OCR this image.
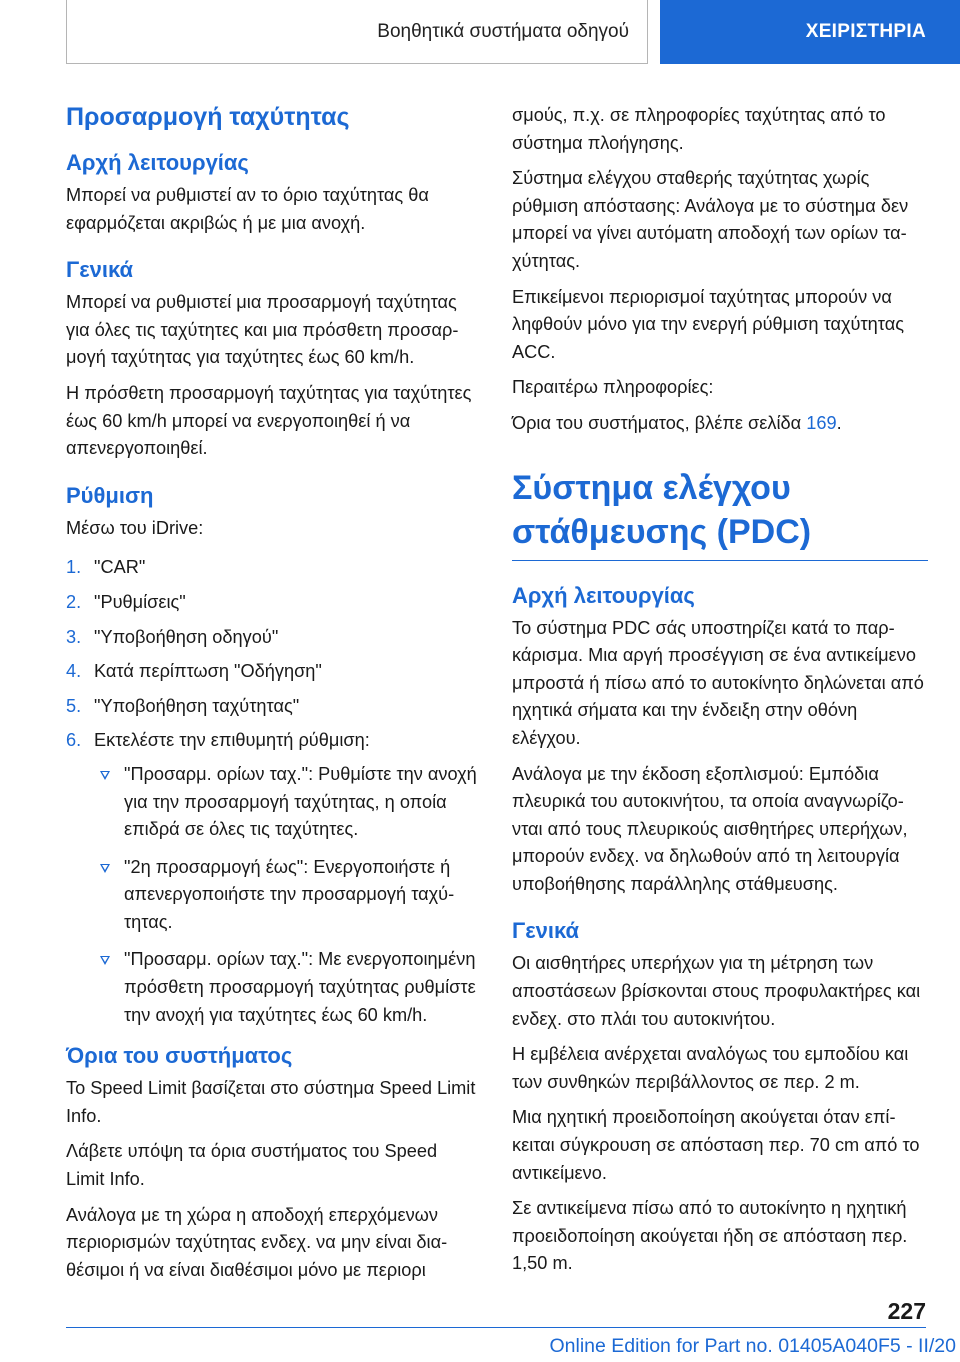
Βοηθητικά συστήματα οδηγού	ΧΕΙΡΙΣΤΗΡΙΑ
Προσαρμογή ταχύτητας
Αρχή λειτουργίας

Μπορεί να ρυθμιστεί αν το όριο ταχύτητας θα εφαρμόζεται ακριβώς ή με μια ανοχή.

Γενικά

Μπορεί να ρυθμιστεί μια προσαρμογή ταχύτητας για όλες τις ταχύτητες και μια πρόσθετη προσαρμογή ταχύτητας για ταχύτητες έως 60 km/h.

Η πρόσθετη προσαρμογή ταχύτητας για ταχύτητες έως 60 km/h μπορεί να ενεργοποιηθεί ή να απενεργοποιηθεί.

Ρύθμιση

Μέσω του iDrive:

1. "CAR"
2. "Ρυθμίσεις"
3. "Υποβοήθηση οδηγού"
4. Κατά περίπτωση "Οδήγηση"
5. "Υποβοήθηση ταχύτητας"
6. Εκτελέστε την επιθυμητή ρύθμιση:
"Προσαρμ. ορίων ταχ.": Ρυθμίστε την ανοχή για την προσαρμογή ταχύτητας, η οποία επιδρά σε όλες τις ταχύτητες.
"2η προσαρμογή έως": Ενεργοποιήστε ή απενεργοποιήστε την προσαρμογή ταχύτητας.
"Προσαρμ. ορίων ταχ.": Με ενεργοποιημένη πρόσθετη προσαρμογή ταχύτητας ρυθμίστε την ανοχή για ταχύτητες έως 60 km/h.
Όρια του συστήματος

Το Speed Limit βασίζεται στο σύστημα Speed Limit Info.

Λάβετε υπόψη τα όρια συστήματος του Speed Limit Info.

Ανάλογα με τη χώρα η αποδοχή επερχόμενων περιορισμών ταχύτητας ενδεχ. να μην είναι διαθέσιμοι ή να είναι διαθέσιμοι μόνο με περιορι

σμούς, π.χ. σε πληροφορίες ταχύτητας από το σύστημα πλοήγησης.

Σύστημα ελέγχου σταθερής ταχύτητας χωρίς ρύθμιση απόστασης: Ανάλογα με το σύστημα δεν μπορεί να γίνει αυτόματη αποδοχή των ορίων ταχύτητας.

Επικείμενοι περιορισμοί ταχύτητας μπορούν να ληφθούν μόνο για την ενεργή ρύθμιση ταχύτητας ACC.

Περαιτέρω πληροφορίες:

Όρια του συστήματος, βλέπε σελίδα 169.

Σύστημα ελέγχου στάθμευσης (PDC)
Αρχή λειτουργίας

Το σύστημα PDC σάς υποστηρίζει κατά το παρκάρισμα. Μια αργή προσέγγιση σε ένα αντικείμενο μπροστά ή πίσω από το αυτοκίνητο δηλώνεται από ηχητικά σήματα και την ένδειξη στην οθόνη ελέγχου.

Ανάλογα με την έκδοση εξοπλισμού: Εμπόδια πλευρικά του αυτοκινήτου, τα οποία αναγνωρίζονται από τους πλευρικούς αισθητήρες υπερήχων, μπορούν ενδεχ. να δηλωθούν από τη λειτουργία υποβοήθησης παράλληλης στάθμευσης.

Γενικά

Οι αισθητήρες υπερήχων για τη μέτρηση των αποστάσεων βρίσκονται στους προφυλακτήρες και ενδεχ. στο πλάι του αυτοκινήτου.

Η εμβέλεια ανέρχεται αναλόγως του εμποδίου και των συνθηκών περιβάλλοντος σε περ. 2 m.

Μια ηχητική προειδοποίηση ακούγεται όταν επίκειται σύγκρουση σε απόσταση περ. 70 cm από το αντικείμενο.

Σε αντικείμενα πίσω από το αυτοκίνητο η ηχητική προειδοποίηση ακούγεται ήδη σε απόσταση περ. 1,50 m.

227
Online Edition for Part no. 01405A040F5 - II/20
